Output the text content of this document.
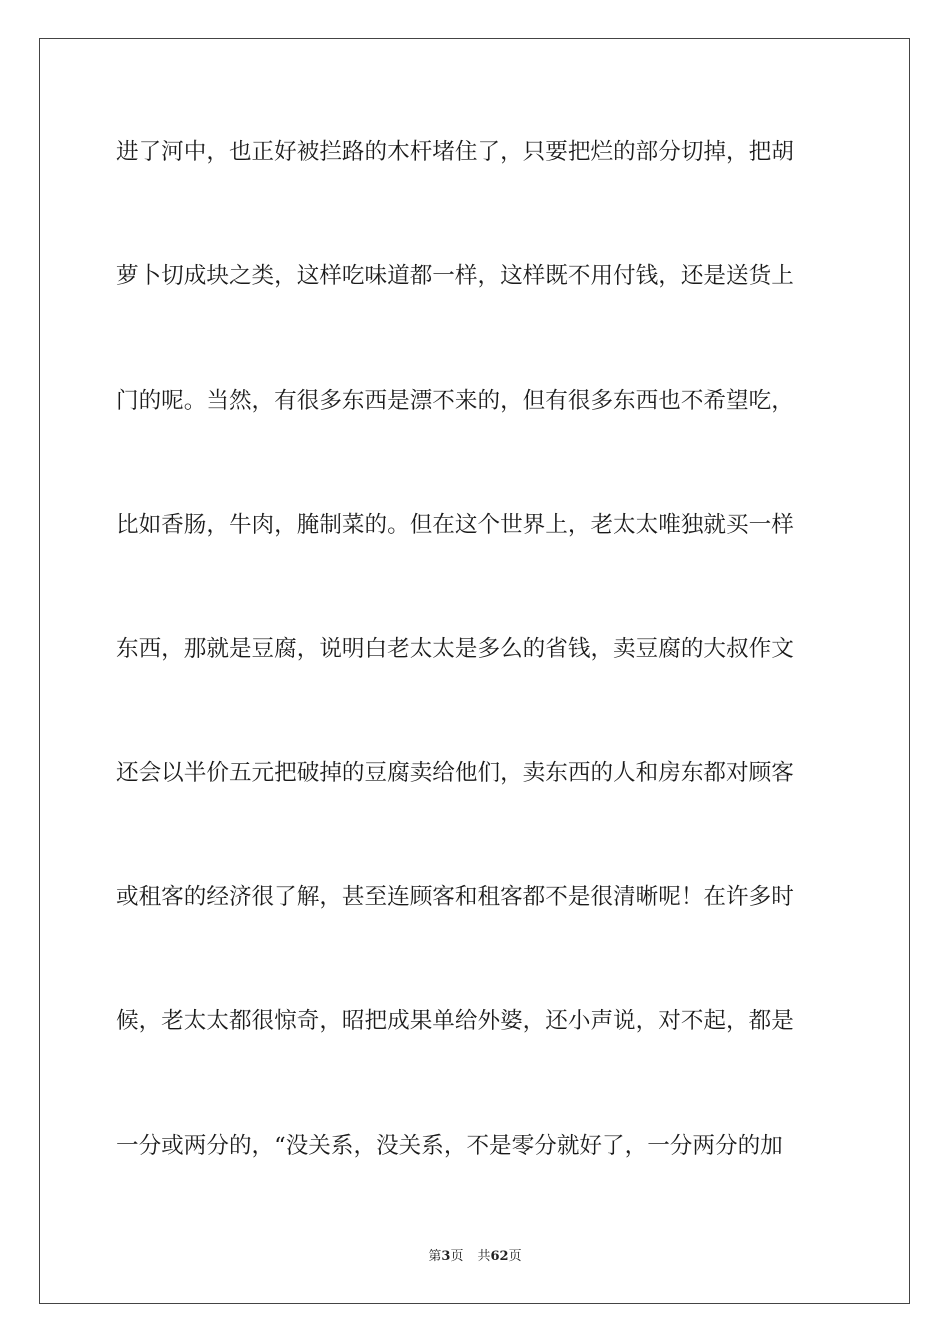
进了河中，也正好被拦路的木杆堵住了，只要把烂的部分切掉，把胡
萝卜切成块之类，这样吃味道都一样，这样既不用付钱，还是送货上
门的呢。当然，有很多东西是漂不来的，但有很多东西也不希望吃，
比如香肠，牛肉，腌制菜的。但在这个世界上，老太太唯独就买一样
东西，那就是豆腐，说明白老太太是多么的省钱，卖豆腐的大叔作文
还会以半价五元把破掉的豆腐卖给他们，卖东西的人和房东都对顾客
或租客的经济很了解，甚至连顾客和租客都不是很清晰呢！在许多时
候，老太太都很惊奇，昭把成果单给外婆，还小声说，对不起，都是
一分或两分的，“没关系，没关系，不是零分就好了，一分两分的加
第3页 共62页
